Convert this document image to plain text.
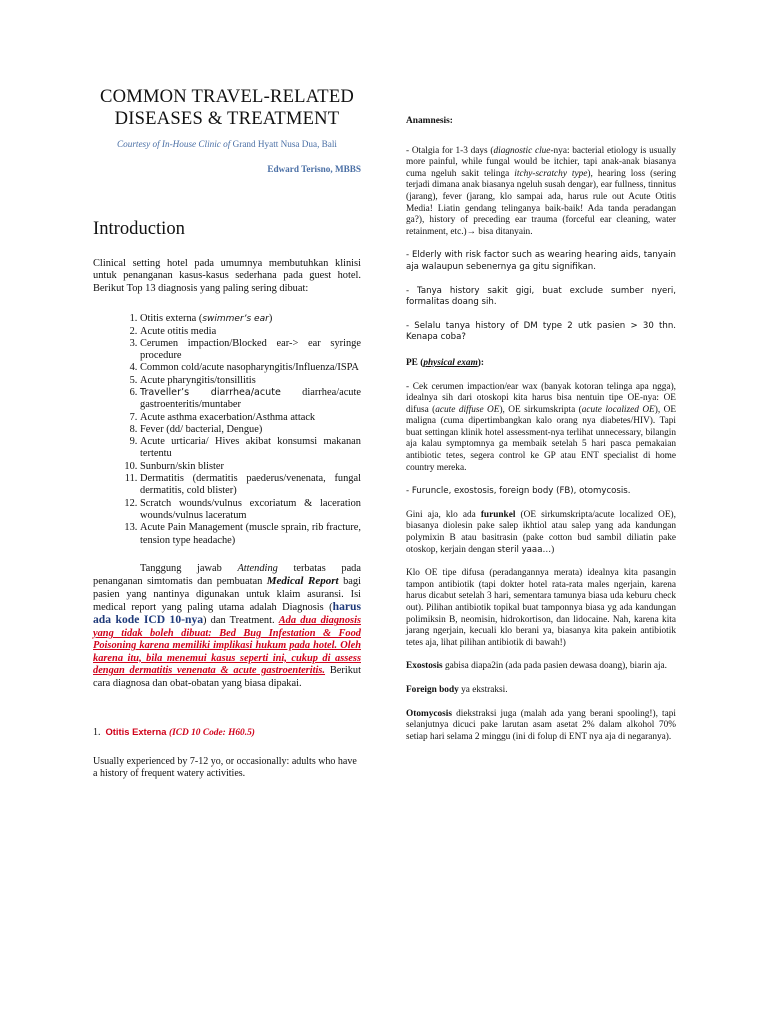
COMMON TRAVEL-RELATED DISEASES & TREATMENT
Courtesy of In-House Clinic of Grand Hyatt Nusa Dua, Bali
Edward Terisno, MBBS
Introduction
Clinical setting hotel pada umumnya membutuhkan klinisi untuk penanganan kasus-kasus sederhana pada guest hotel. Berikut Top 13 diagnosis yang paling sering dibuat:
1. Otitis externa (swimmer’s ear)
2. Acute otitis media
3. Cerumen impaction/Blocked ear-> ear syringe procedure
4. Common cold/acute nasopharyngitis/Influenza/ISPA
5. Acute pharyngitis/tonsillitis
6. Traveller’s diarrhea/acute diarrhea/acute gastroenteritis/muntaber
7. Acute asthma exacerbation/Asthma attack
8. Fever (dd/ bacterial, Dengue)
9. Acute urticaria/ Hives akibat konsumsi makanan tertentu
10. Sunburn/skin blister
11. Dermatitis (dermatitis paederus/venenata, fungal dermatitis, cold blister)
12. Scratch wounds/vulnus excoriatum & laceration wounds/vulnus laceratum
13. Acute Pain Management (muscle sprain, rib fracture, tension type headache)
Tanggung jawab Attending terbatas pada penanganan simtomatis dan pembuatan Medical Report bagi pasien yang nantinya digunakan untuk klaim asuransi. Isi medical report yang paling utama adalah Diagnosis (harus ada kode ICD 10-nya) dan Treatment. Ada dua diagnosis yang tidak boleh dibuat: Bed Bug Infestation & Food Poisoning karena memiliki implikasi hukum pada hotel. Oleh karena itu, bila menemui kasus seperti ini, cukup di assess dengan dermatitis venenata & acute gastroenteritis. Berikut cara diagnosa dan obat-obatan yang biasa dipakai.
1. Otitis Externa (ICD 10 Code: H60.5)
Usually experienced by 7-12 yo, or occasionally: adults who have a history of frequent watery activities.

Anamnesis:

- Otalgia for 1-3 days (diagnostic clue-nya: bacterial etiology is usually more painful, while fungal would be itchier, tapi anak-anak biasanya cuma ngeluh sakit telinga itchy-scratchy type), hearing loss (sering terjadi dimana anak biasanya ngeluh susah dengar), ear fullness, tinnitus (jarang), fever (jarang, klo sampai ada, harus rule out Acute Otitis Media! Liatin gendang telinganya baik-baik! Ada tanda peradangan ga?), history of preceding ear trauma (forceful ear cleaning, water retainment, etc.)→ bisa ditanyain.

- Elderly with risk factor such as wearing hearing aids, tanyain aja walaupun sebenernya ga gitu signifikan.

- Tanya history sakit gigi, buat exclude sumber nyeri, formalitas doang sih.

- Selalu tanya history of DM type 2 utk pasien > 30 thn. Kenapa coba?

PE (physical exam):

- Cek cerumen impaction/ear wax (banyak kotoran telinga apa ngga), idealnya sih dari otoskopi kita harus bisa nentuin tipe OE-nya: OE difusa (acute diffuse OE), OE sirkumskripta (acute localized OE), OE maligna (cuma dipertimbangkan kalo orang nya diabetes/HIV). Tapi buat settingan klinik hotel assessment-nya terlihat unnecessary, bilangin aja kalau symptomnya ga membaik setelah 5 hari pasca pemakaian antibiotic tetes, segera control ke GP atau ENT specialist di home country mereka.

- Furuncle, exostosis, foreign body (FB), otomycosis.

Gini aja, klo ada furunkel (OE sirkumskripta/acute localized OE), biasanya diolesin pake salep ikhtiol atau salep yang ada kandungan polymixin B atau basitrasin (pake cotton bud sambil diliatin pake otoskop, kerjain dengan steril yaaa…)

Klo OE tipe difusa (peradangannya merata) idealnya kita pasangin tampon antibiotik (tapi dokter hotel rata-rata males ngerjain, karena harus dicabut setelah 3 hari, sementara tamunya biasa uda keburu check out). Pilihan antibiotik topikal buat tamponnya biasa yg ada kandungan polimiksin B, neomisin, hidrokortison, dan lidocaine. Nah, karena kita jarang ngerjain, kecuali klo berani ya, biasanya kita pakein antibiotik tetes aja, lihat pilihan antibiotik di bawah!)

Exostosis gabisa diapa2in (ada pada pasien dewasa doang), biarin aja.

Foreign body ya ekstraksi.

Otomycosis diekstraksi juga (malah ada yang berani spooling!), tapi selanjutnya dicuci pake larutan asam asetat 2% dalam alkohol 70% setiap hari selama 2 minggu (ini di folup di ENT nya aja di negaranya).
